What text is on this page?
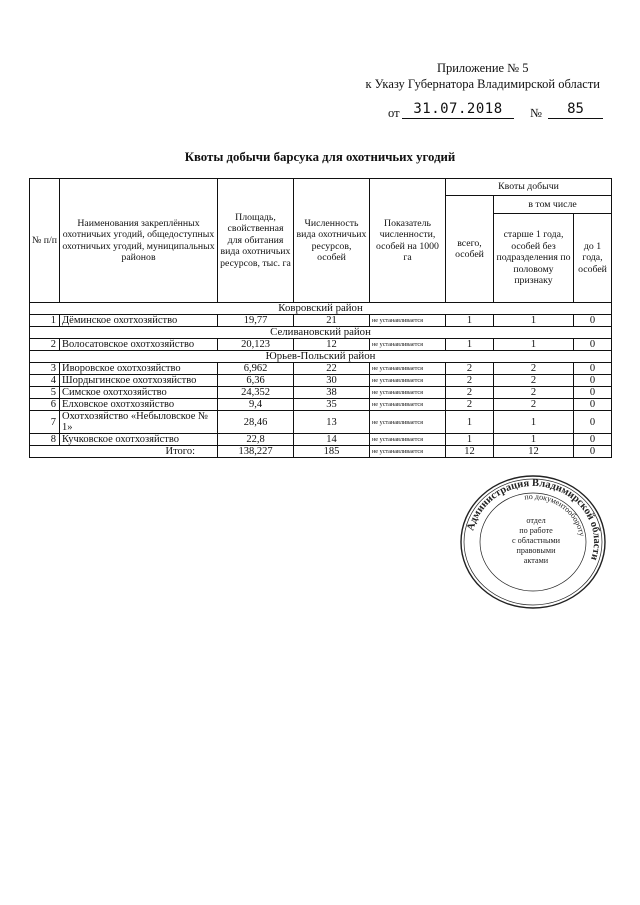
Приложение № 5
к Указу Губернатора Владимирской области
от 31.07.2018	№	85
Квоты добычи барсука для охотничьих угодий
№ п/п	Наименования закреплённых охотничьих угодий, общедоступных охотничьих угодий, муниципальных районов	Площадь, свойственная для обитания вида охотничьих ресурсов, тыс. га	Численность вида охотничьих ресурсов, особей	Показатель численности, особей на 1000 га	Квоты добычи		
					всего, особей	в том числе	
						старше 1 года, особей без подразделения по половому признаку	до 1 года, особей
Ковровский район							
1	Дёминское охотхозяйство	19,77	21	не устанавливается	1	1	0
Селивановский район							
2	Волосатовское охотхозяйство	20,123	12	не устанавливается	1	1	0
Юрьев-Польский район							
3	Иворовское охотхозяйство	6,962	22	не устанавливается	2	2	0
4	Шордыгинское охотхозяйство	6,36	30	не устанавливается	2	2	0
5	Симское охотхозяйство	24,352	38	не устанавливается	2	2	0
6	Елховское охотхозяйство	9,4	35	не устанавливается	2	2	0
7	Охотхозяйство «Небыловское № 1»	28,46	13	не устанавливается	1	1	0
8	Кучковское охотхозяйство	22,8	14	не устанавливается	1	1	0
Итого:		138,227	185	не устанавливается	12	12	0
Администрация Владимирской области
по документообороту
отдел
по работе
с областными
правовыми
актами
